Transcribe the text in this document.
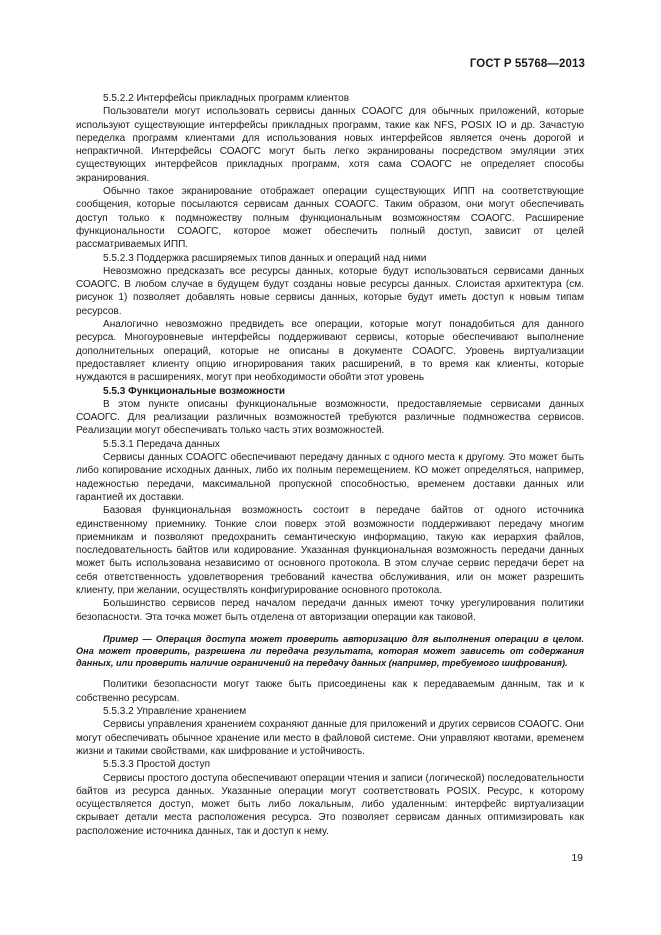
ГОСТ Р 55768—2013

5.5.2.2 Интерфейсы прикладных программ клиентов

Пользователи могут использовать сервисы данных СОАОГС для обычных приложений, которые используют существующие интерфейсы прикладных программ, такие как NFS, POSIX IO и др. Зачастую переделка программ клиентами для использования новых интерфейсов является очень дорогой и непрактичной. Интерфейсы СОАОГС могут быть легко экранированы посредством эмуляции этих существующих интерфейсов прикладных программ, хотя сама СОАОГС не определяет способы экранирования.

Обычно такое экранирование отображает операции существующих ИПП на соответствующие сообщения, которые посылаются сервисам данных СОАОГС. Таким образом, они могут обеспечивать доступ только к подмножеству полным функциональным возможностям СОАОГС. Расширение функциональности СОАОГС, которое может обеспечить полный доступ, зависит от целей рассматриваемых ИПП.

5.5.2.3 Поддержка расширяемых типов данных и операций над ними

Невозможно предсказать все ресурсы данных, которые будут использоваться сервисами данных СОАОГС. В любом случае в будущем будут созданы новые ресурсы данных. Слоистая архитектура (см. рисунок 1) позволяет добавлять новые сервисы данных, которые будут иметь доступ к новым типам ресурсов.

Аналогично невозможно предвидеть все операции, которые могут понадобиться для данного ресурса. Многоуровневые интерфейсы поддерживают сервисы, которые обеспечивают выполнение дополнительных операций, которые не описаны в документе СОАОГС. Уровень виртуализации предоставляет клиенту опцию игнорирования таких расширений, в то время как клиенты, которые нуждаются в расширениях, могут при необходимости обойти этот уровень

5.5.3 Функциональные возможности

В этом пункте описаны функциональные возможности, предоставляемые сервисами данных СОАОГС. Для реализации различных возможностей требуются различные подмножества сервисов. Реализации могут обеспечивать только часть этих возможностей.

5.5.3.1 Передача данных

Сервисы данных СОАОГС обеспечивают передачу данных с одного места к другому. Это может быть либо копирование исходных данных, либо их полным перемещением. КО может определяться, например, надежностью передачи, максимальной пропускной способностью, временем доставки данных или гарантией их доставки.

Базовая функциональная возможность состоит в передаче байтов от одного источника единственному приемнику. Тонкие слои поверх этой возможности поддерживают передачу многим приемникам и позволяют предохранить семантическую информацию, такую как иерархия файлов, последовательность байтов или кодирование. Указанная функциональная возможность передачи данных может быть использована независимо от основного протокола. В этом случае сервис передачи берет на себя ответственность удовлетворения требований качества обслуживания, или он может разрешить клиенту, при желании, осуществлять конфигурирование основного протокола.

Большинство сервисов перед началом передачи данных имеют точку урегулирования политики безопасности. Эта точка может быть отделена от авторизации операции как таковой.

Пример — Операция доступа может проверить авторизацию для выполнения операции в целом. Она может проверить, разрешена ли передача результата, которая может зависеть от содержания данных, или проверить наличие ограничений на передачу данных (например, требуемого шифрования).

Политики безопасности могут также быть присоединены как к передаваемым данным, так и к собственно ресурсам.

5.5.3.2 Управление хранением

Сервисы управления хранением сохраняют данные для приложений и других сервисов СОАОГС. Они могут обеспечивать обычное хранение или место в файловой системе. Они управляют квотами, временем жизни и такими свойствами, как шифрование и устойчивость.

5.5.3.3 Простой доступ

Сервисы простого доступа обеспечивают операции чтения и записи (логической) последовательности байтов из ресурса данных. Указанные операции могут соответствовать POSIX. Ресурс, к которому осуществляется доступ, может быть либо локальным, либо удаленным: интерфейс виртуализации скрывает детали места расположения ресурса. Это позволяет сервисам данных оптимизировать как расположение источника данных, так и доступ к нему.

19
